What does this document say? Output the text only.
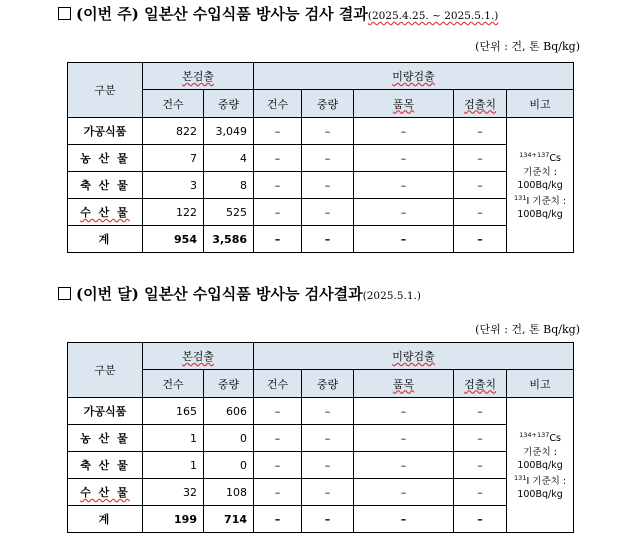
(이번 주) 일본산 수입식품 방사능 검사 결과(2025.4.25. ~ 2025.5.1.)
(단위 : 건, 톤 Bq/kg)
구분	본검출		미량검출				
	건수	중량	건수	중량	품목	검출치	비고
가공식품	822	3,049	–	–	–	–	$^{134+137}$Cs
기준치 :
100Bq/kg
$^{131}$I 기준치 :
100Bq/kg
농 산 물	7	4	–	–	–	–	
축 산 물	3	8	–	–	–	–	
수 산 물	122	525	–	–	–	–	
계	954	3,586	–	–	–	–	
(이번 달) 일본산 수입식품 방사능 검사결과(2025.5.1.)
(단위 : 건, 톤 Bq/kg)
구분	본검출		미량검출				
	건수	중량	건수	중량	품목	검출치	비고
가공식품	165	606	–	–	–	–	$^{134+137}$Cs
기준치 :
100Bq/kg
$^{131}$I 기준치 :
100Bq/kg
농 산 물	1	0	–	–	–	–	
축 산 물	1	0	–	–	–	–	
수 산 물	32	108	–	–	–	–	
계	199	714	–	–	–	–	
